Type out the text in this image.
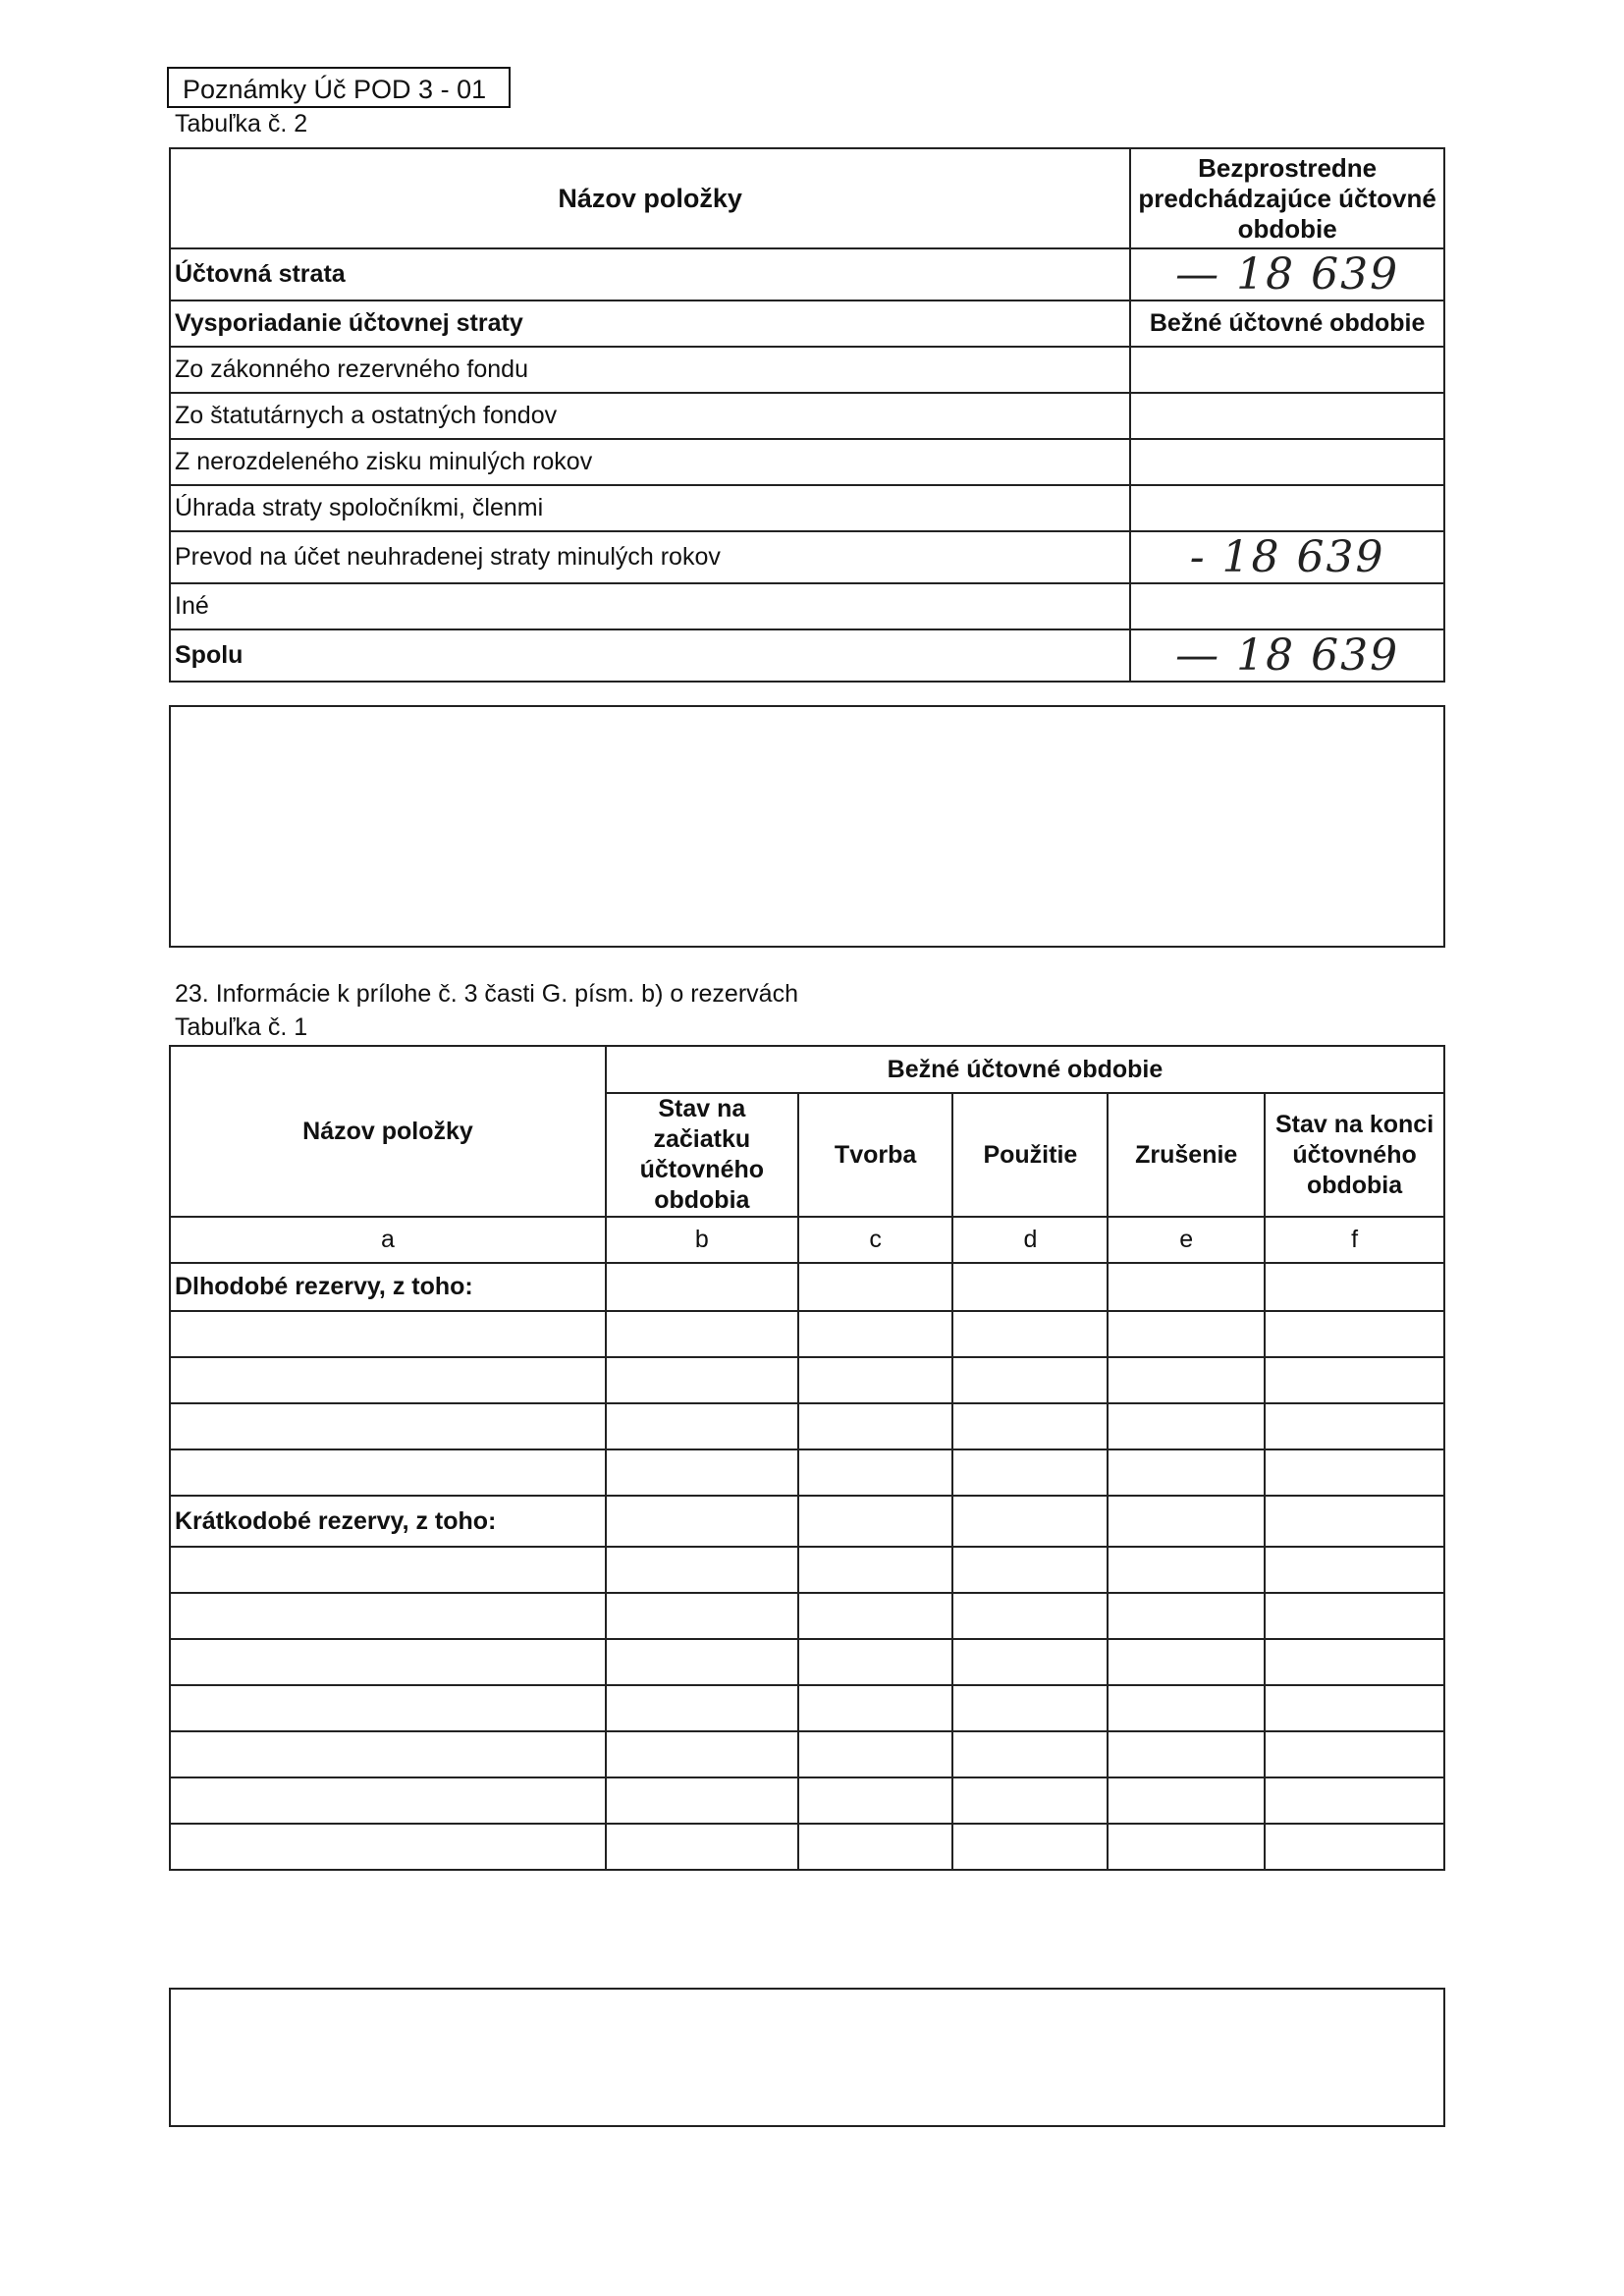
Poznámky Úč POD 3 - 01
Tabuľka č. 2
Názov položky	Bezprostredne predchádzajúce účtovné obdobie
Účtovná strata	— 18 639
Vysporiadanie účtovnej straty	Bežné účtovné obdobie
Zo zákonného rezervného fondu	
Zo štatutárnych a ostatných fondov	
Z nerozdeleného zisku minulých rokov	
Úhrada straty spoločníkmi, členmi	
Prevod na účet neuhradenej straty minulých rokov	- 18 639
Iné	
Spolu	— 18 639
23. Informácie k prílohe č. 3 časti G. písm. b) o rezervách
Tabuľka č. 1
Názov položky	Bežné účtovné obdobie				
	Stav na začiatku účtovného obdobia	Tvorba	Použitie	Zrušenie	Stav na konci účtovného obdobia
a	b	c	d	e	f
Dlhodobé rezervy, z toho:					

Krátkodobé rezervy, z toho:					
